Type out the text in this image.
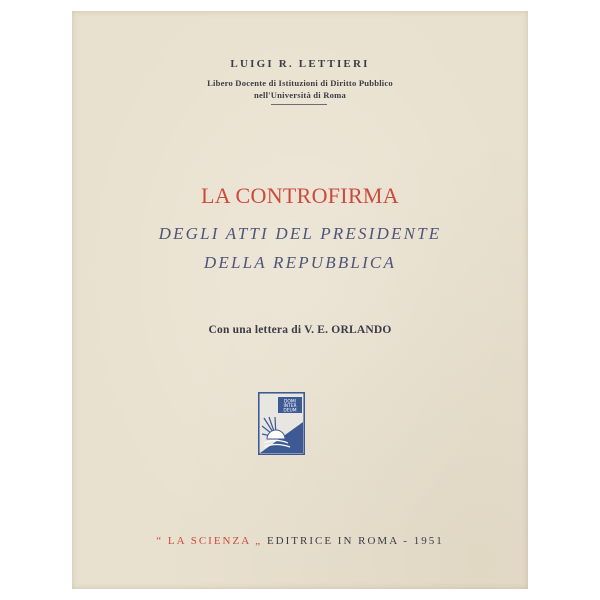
LUIGI R. LETTIERI
Libero Docente di Istituzioni di Diritto Pubblico
nell'Università di Roma
LA CONTROFIRMA
DEGLI ATTI DEL PRESIDENTE
DELLA REPUBBLICA
Con una lettera di V. E. ORLANDO
DOMI
INTER
DEUM
“ LA SCIENZA „ EDITRICE IN ROMA - 1951
